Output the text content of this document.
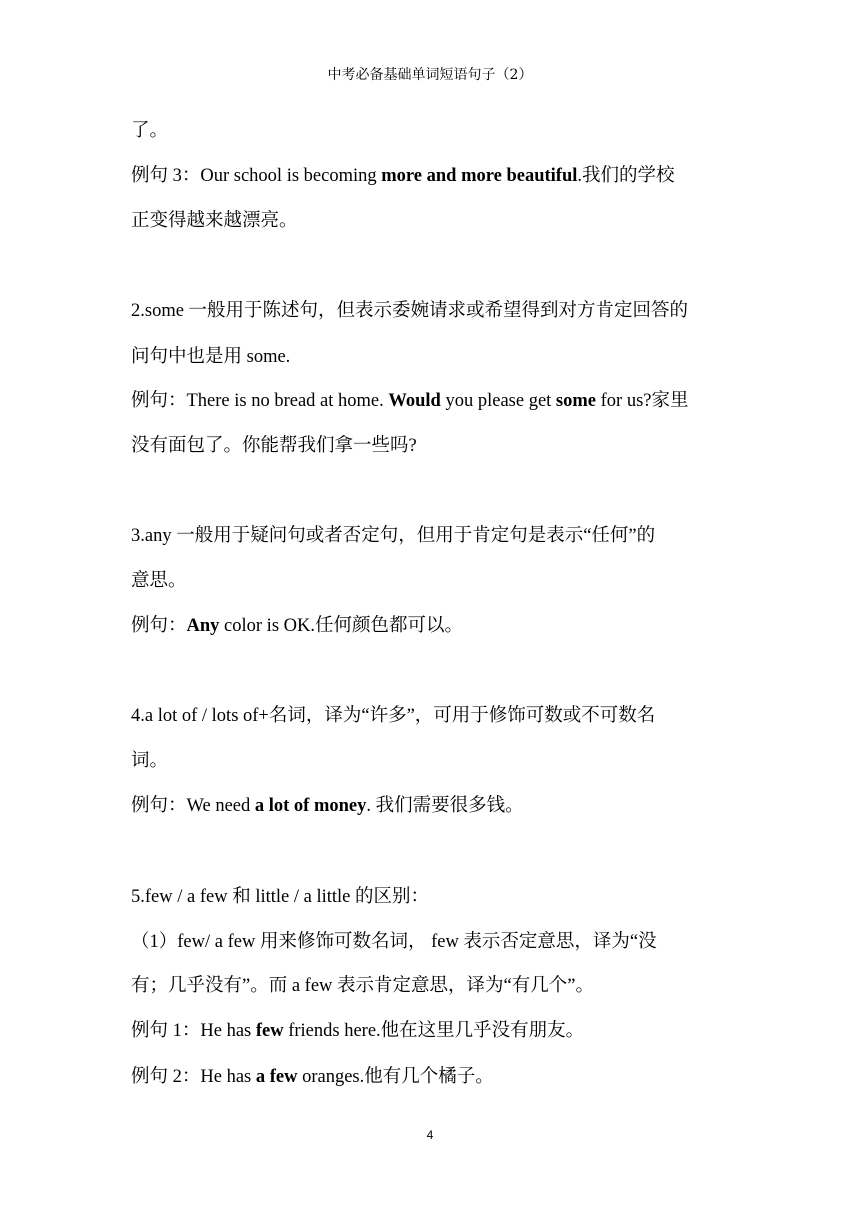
中考必备基础单词短语句子（2）
了。
例句 3：Our school is becoming more and more beautiful.我们的学校
正变得越来越漂亮。
2.some 一般用于陈述句，但表示委婉请求或希望得到对方肯定回答的
问句中也是用 some.
例句：There is no bread at home. Would you please get some for us?家里
没有面包了。你能帮我们拿一些吗?
3.any 一般用于疑问句或者否定句，但用于肯定句是表示“任何”的
意思。
例句：Any color is OK.任何颜色都可以。
4.a lot of / lots of+名词，译为“许多”，可用于修饰可数或不可数名
词。
例句：We need a lot of money. 我们需要很多钱。
5.few / a few 和 little / a little 的区别：
（1）few/ a few 用来修饰可数名词， few 表示否定意思，译为“没
有；几乎没有”。而 a few 表示肯定意思，译为“有几个”。
例句 1：He has few friends here.他在这里几乎没有朋友。
例句 2：He has a few oranges.他有几个橘子。
4
